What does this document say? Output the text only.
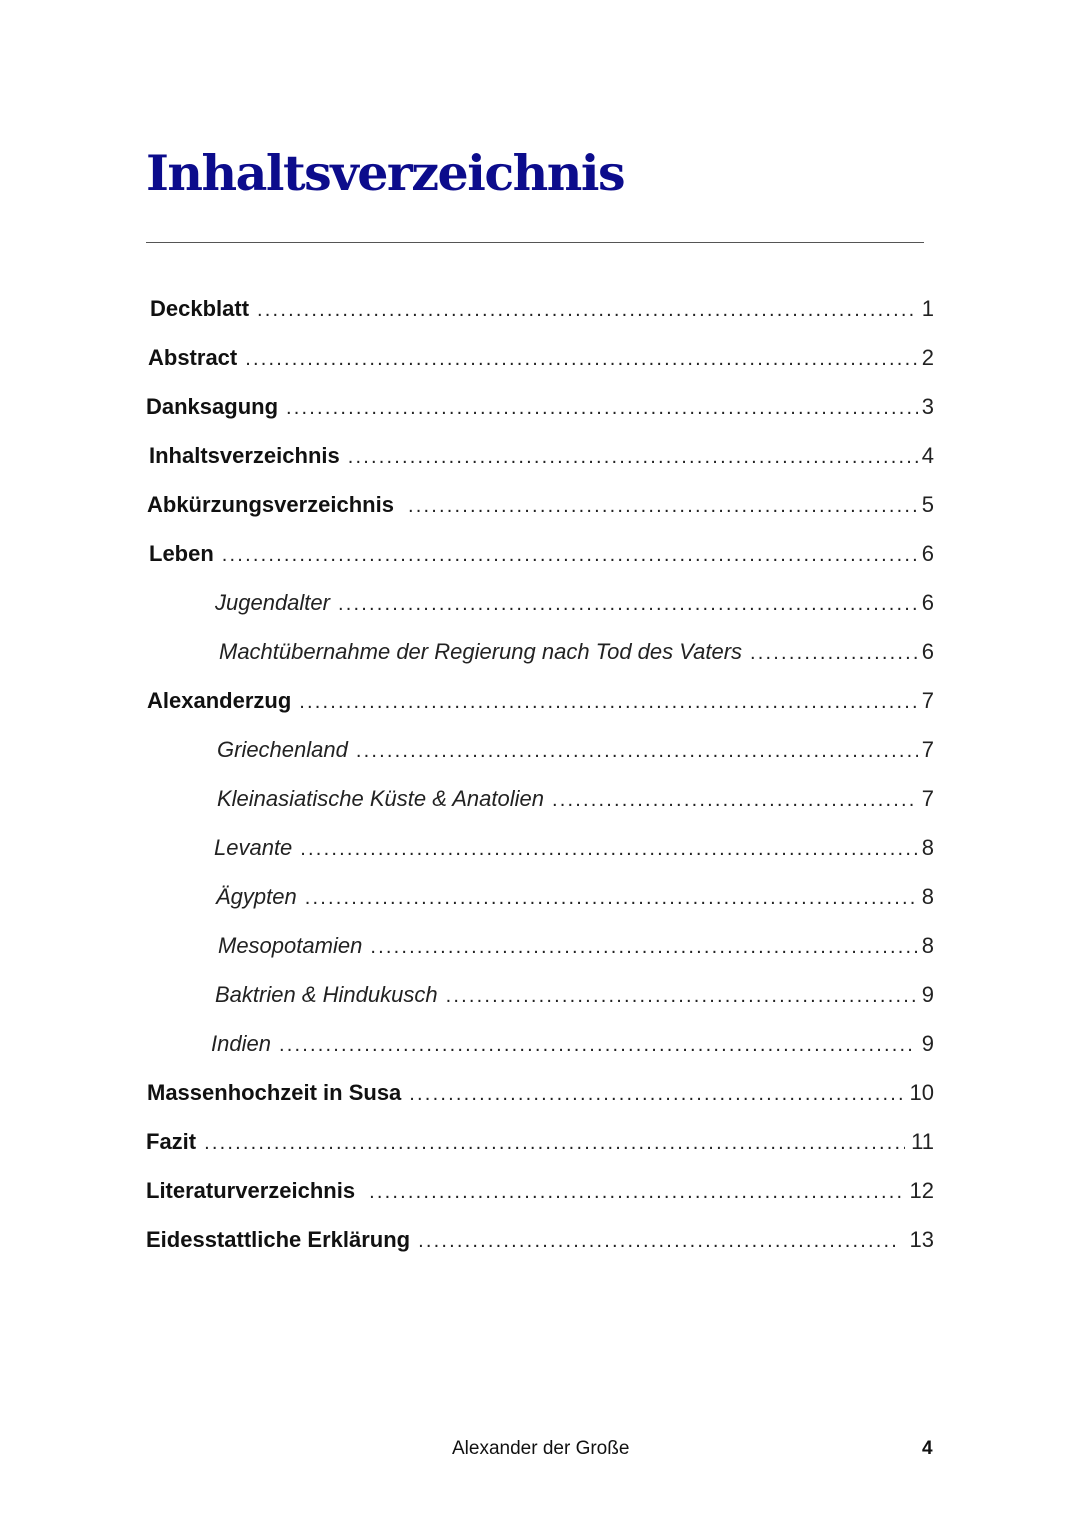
Inhaltsverzeichnis
Deckblatt .....	1
Abstract .....	2
Danksagung .....	3
Inhaltsverzeichnis .....	4
Abkürzungsverzeichnis .....	5
Leben .....	6
Jugendalter .....	6
Machtübernahme der Regierung nach Tod des Vaters .....	6
Alexanderzug .....	7
Griechenland .....	7
Kleinasiatische Küste & Anatolien .....	7
Levante .....	8
Ägypten .....	8
Mesopotamien .....	8
Baktrien & Hindukusch .....	9
Indien .....	9
Massenhochzeit in Susa .....	10
Fazit .....	11
Literaturverzeichnis .....	12
Eidesstattliche Erklärung .....	13
Alexander der Große	4
